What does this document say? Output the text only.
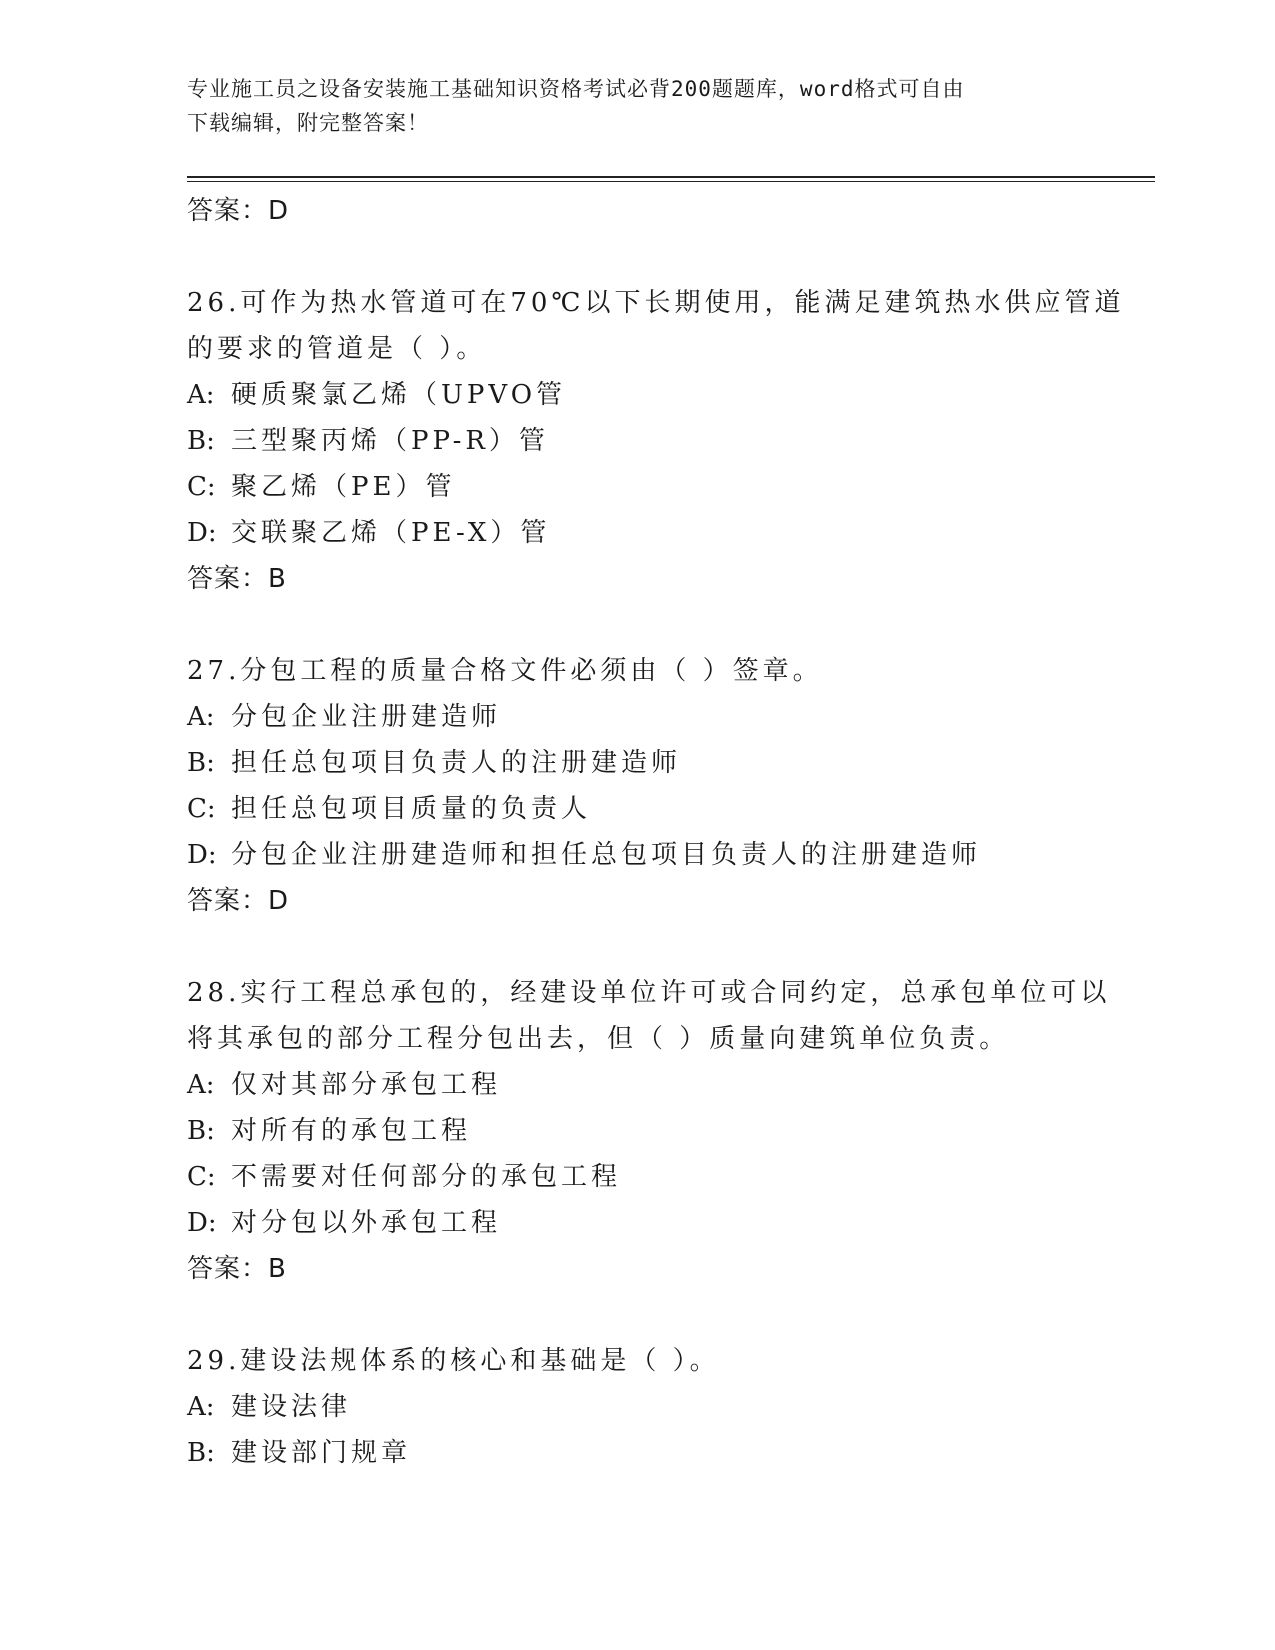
专业施工员之设备安装施工基础知识资格考试必背200题题库，word格式可自由
下载编辑，附完整答案！

答案：D

26.可作为热水管道可在70℃以下长期使用，能满足建筑热水供应管道

的要求的管道是（ ）。

A: 硬质聚氯乙烯（UPVO管

B: 三型聚丙烯（PP-R）管

C: 聚乙烯（PE）管

D: 交联聚乙烯（PE-X）管

答案：B

27.分包工程的质量合格文件必须由（ ）签章。

A: 分包企业注册建造师

B: 担任总包项目负责人的注册建造师

C: 担任总包项目质量的负责人

D: 分包企业注册建造师和担任总包项目负责人的注册建造师

答案：D

28.实行工程总承包的，经建设单位许可或合同约定，总承包单位可以

将其承包的部分工程分包出去，但（ ）质量向建筑单位负责。

A: 仅对其部分承包工程

B: 对所有的承包工程

C: 不需要对任何部分的承包工程

D: 对分包以外承包工程

答案：B

29.建设法规体系的核心和基础是（ ）。

A: 建设法律

B: 建设部门规章
